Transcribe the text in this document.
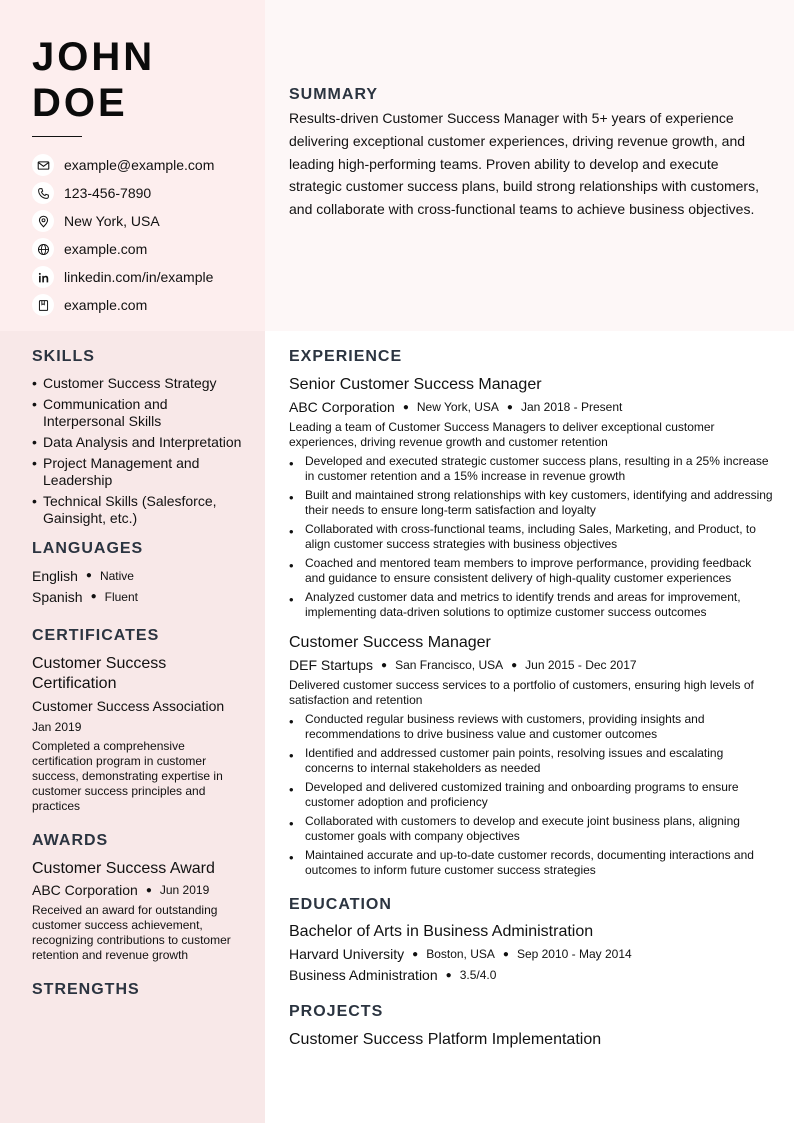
JOHN
DOE
example@example.com
123-456-7890
New York, USA
example.com
linkedin.com/in/example
example.com
SUMMARY
Results-driven Customer Success Manager with 5+ years of experience delivering exceptional customer experiences, driving revenue growth, and leading high-performing teams. Proven ability to develop and execute strategic customer success plans, build strong relationships with customers, and collaborate with cross-functional teams to achieve business objectives.
SKILLS
• Customer Success Strategy
• Communication and Interpersonal Skills
• Data Analysis and Interpretation
• Project Management and Leadership
• Technical Skills (Salesforce, Gainsight, etc.)
LANGUAGES
English ● Native
Spanish ● Fluent
CERTIFICATES
Customer Success Certification
Customer Success Association
Jan 2019
Completed a comprehensive certification program in customer success, demonstrating expertise in customer success principles and practices
AWARDS
Customer Success Award
ABC Corporation ● Jun 2019
Received an award for outstanding customer success achievement, recognizing contributions to customer retention and revenue growth
STRENGTHS
EXPERIENCE
Senior Customer Success Manager
ABC Corporation ● New York, USA ● Jan 2018 - Present
Leading a team of Customer Success Managers to deliver exceptional customer experiences, driving revenue growth and customer retention
• Developed and executed strategic customer success plans, resulting in a 25% increase in customer retention and a 15% increase in revenue growth
• Built and maintained strong relationships with key customers, identifying and addressing their needs to ensure long-term satisfaction and loyalty
• Collaborated with cross-functional teams, including Sales, Marketing, and Product, to align customer success strategies with business objectives
• Coached and mentored team members to improve performance, providing feedback and guidance to ensure consistent delivery of high-quality customer experiences
• Analyzed customer data and metrics to identify trends and areas for improvement, implementing data-driven solutions to optimize customer success outcomes
Customer Success Manager
DEF Startups ● San Francisco, USA ● Jun 2015 - Dec 2017
Delivered customer success services to a portfolio of customers, ensuring high levels of satisfaction and retention
• Conducted regular business reviews with customers, providing insights and recommendations to drive business value and customer outcomes
• Identified and addressed customer pain points, resolving issues and escalating concerns to internal stakeholders as needed
• Developed and delivered customized training and onboarding programs to ensure customer adoption and proficiency
• Collaborated with customers to develop and execute joint business plans, aligning customer goals with company objectives
• Maintained accurate and up-to-date customer records, documenting interactions and outcomes to inform future customer success strategies
EDUCATION
Bachelor of Arts in Business Administration
Harvard University ● Boston, USA ● Sep 2010 - May 2014
Business Administration ● 3.5/4.0
PROJECTS
Customer Success Platform Implementation
